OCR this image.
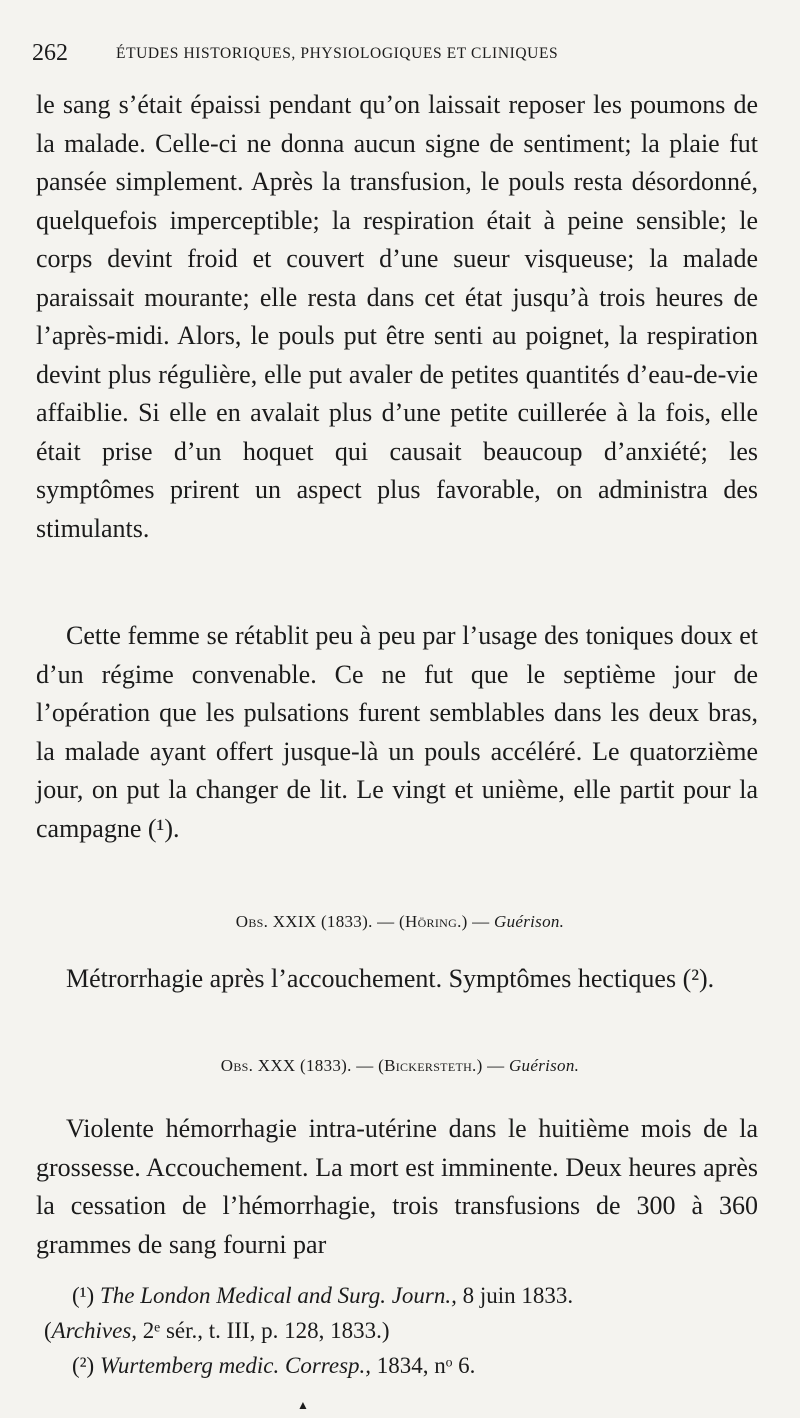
262	ÉTUDES HISTORIQUES, PHYSIOLOGIQUES ET CLINIQUES

le sang s’était épaissi pendant qu’on laissait reposer les poumons de la malade. Celle-ci ne donna aucun signe de sentiment; la plaie fut pansée simplement. Après la transfusion, le pouls resta désordonné, quelquefois imperceptible; la respiration était à peine sensible; le corps devint froid et couvert d’une sueur visqueuse; la malade paraissait mourante; elle resta dans cet état jusqu’à trois heures de l’après-midi. Alors, le pouls put être senti au poignet, la respiration devint plus régulière, elle put avaler de petites quantités d’eau-de-vie affaiblie. Si elle en avalait plus d’une petite cuillerée à la fois, elle était prise d’un hoquet qui causait beaucoup d’anxiété; les symptômes prirent un aspect plus favorable, on administra des stimulants.

Cette femme se rétablit peu à peu par l’usage des toniques doux et d’un régime convenable. Ce ne fut que le septième jour de l’opération que les pulsations furent semblables dans les deux bras, la malade ayant offert jusque-là un pouls accéléré. Le quatorzième jour, on put la changer de lit. Le vingt et unième, elle partit pour la campagne (¹).

Obs. XXIX (1833). — (Höring.) — Guérison.

Métrorrhagie après l’accouchement. Symptômes hectiques (²).

Obs. XXX (1833). — (Bickersteth.) — Guérison.

Violente hémorrhagie intra-utérine dans le huitième mois de la grossesse. Accouchement. La mort est imminente. Deux heures après la cessation de l’hémorrhagie, trois transfusions de 300 à 360 grammes de sang fourni par

(¹) The London Medical and Surg. Journ., 8 juin 1833.
(Archives, 2ᵉ sér., t. III, p. 128, 1833.)
(²) Wurtemberg medic. Corresp., 1834, nᵒ 6.
▲
